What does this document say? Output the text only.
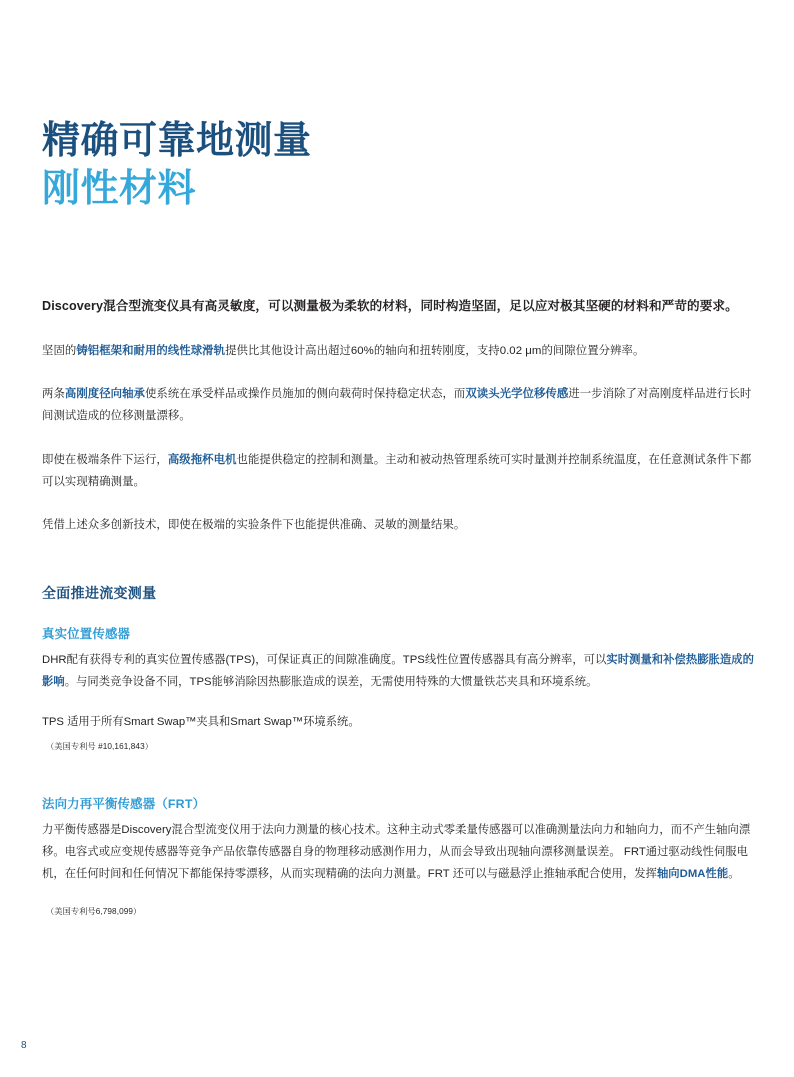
精确可靠地测量
刚性材料

Discovery混合型流变仪具有高灵敏度，可以测量极为柔软的材料，同时构造坚固，足以应对极其坚硬的材料和严苛的要求。

坚固的铸铝框架和耐用的线性球滑轨提供比其他设计高出超过60%的轴向和扭转刚度，支持0.02 μm的间隙位置分辨率。

两条高刚度径向轴承使系统在承受样品或操作员施加的侧向载荷时保持稳定状态，而双读头光学位移传感进一步消除了对高刚度样品进行长时间测试造成的位移测量漂移。

即使在极端条件下运行，高级拖杯电机也能提供稳定的控制和测量。主动和被动热管理系统可实时量测并控制系统温度，在任意测试条件下都可以实现精确测量。

凭借上述众多创新技术，即使在极端的实验条件下也能提供准确、灵敏的测量结果。

全面推进流变测量
真实位置传感器

DHR配有获得专利的真实位置传感器(TPS)，可保证真正的间隙准确度。TPS线性位置传感器具有高分辨率，可以实时测量和补偿热膨胀造成的影响。与同类竞争设备不同，TPS能够消除因热膨胀造成的误差，无需使用特殊的大惯量铁芯夹具和环境系统。

TPS 适用于所有Smart Swap™夹具和Smart Swap™环境系统。

（美国专利号 #10,161,843）

法向力再平衡传感器（FRT）

力平衡传感器是Discovery混合型流变仪用于法向力测量的核心技术。这种主动式零柔量传感器可以准确测量法向力和轴向力，而不产生轴向漂移。电容式或应变规传感器等竞争产品依靠传感器自身的物理移动感测作用力，从而会导致出现轴向漂移测量误差。 FRT通过驱动线性伺服电机，在任何时间和任何情况下都能保持零漂移，从而实现精确的法向力测量。FRT 还可以与磁悬浮止推轴承配合使用，发挥轴向DMA性能。

（美国专利号6,798,099）

8
